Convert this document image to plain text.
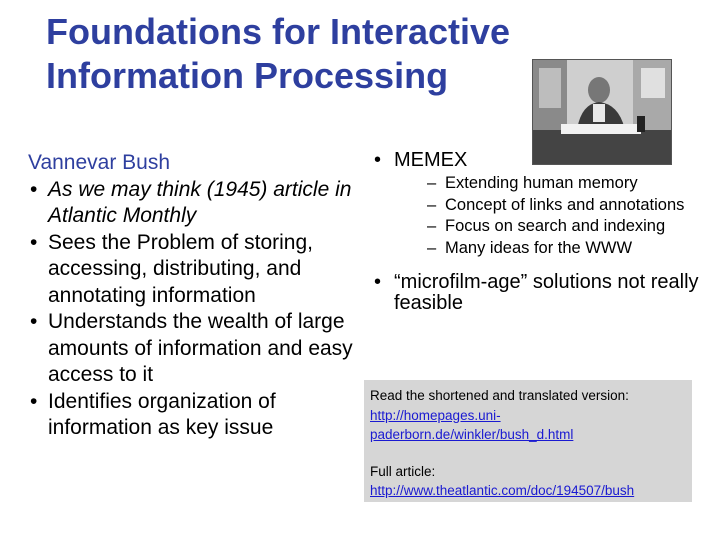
Foundations for Interactive
Information Processing
Vannevar Bush
• As we may think (1945) article in Atlantic Monthly
• Sees the Problem of storing, accessing, distributing, and annotating information
• Understands the wealth of large amounts of information and easy access to it
• Identifies organization of information as key issue
• MEMEX
– Extending human memory
– Concept of links and annotations
– Focus on search and indexing
– Many ideas for the WWW
• “microfilm-age” solutions not really feasible
Read the shortened and translated version:
http://homepages.uni-paderborn.de/winkler/bush_d.html
Full article:
http://www.theatlantic.com/doc/194507/bush
